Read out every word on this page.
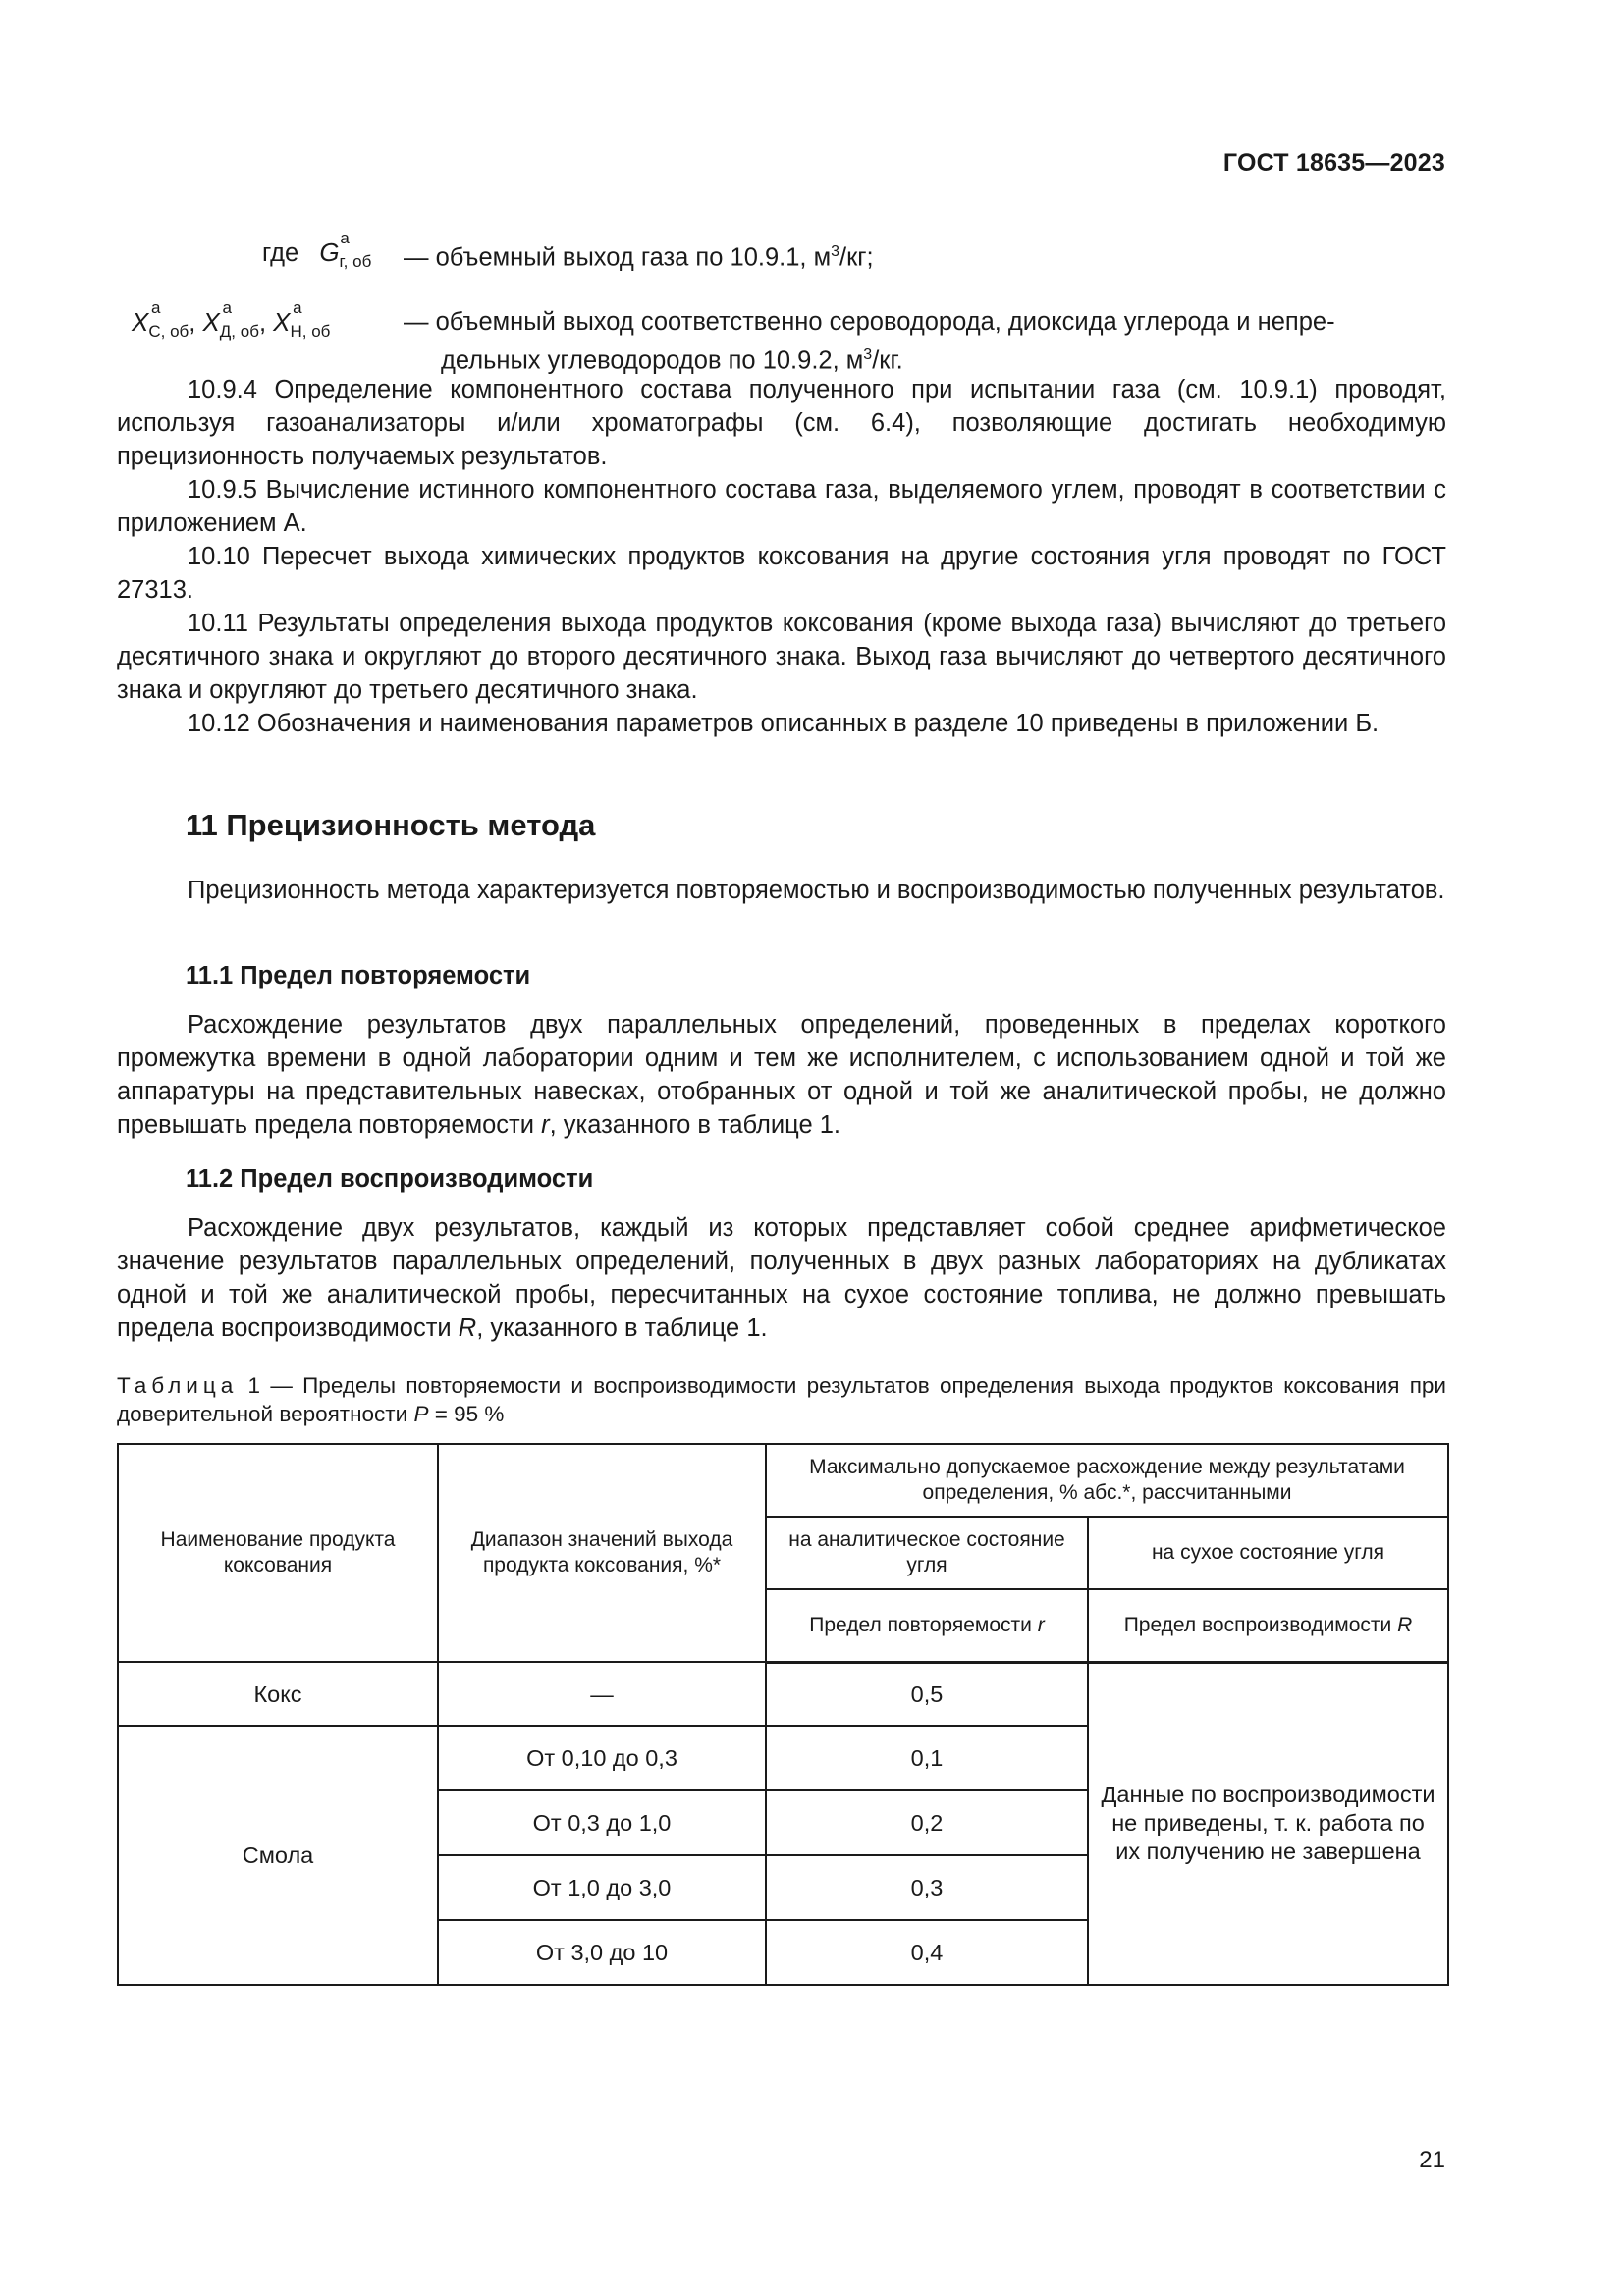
ГОСТ 18635—2023
где G a
г, об — объемный выход газа по 10.9.1, $м^3/кг$;
X a
С, об, X a
Д, об, X a
Н, об	— объемный выход соответственно сероводорода, диоксида углерода и непре-
дельных углеводородов по 10.9.2, $м^3/кг$.
10.9.4 Определение компонентного состава полученного при испытании газа (см. 10.9.1) проводят, используя газоанализаторы и/или хроматографы (см. 6.4), позволяющие достигать необходимую прецизионность получаемых результатов.
10.9.5 Вычисление истинного компонентного состава газа, выделяемого углем, проводят в соответствии с приложением А.
10.10 Пересчет выхода химических продуктов коксования на другие состояния угля проводят по ГОСТ 27313.
10.11 Результаты определения выхода продуктов коксования (кроме выхода газа) вычисляют до третьего десятичного знака и округляют до второго десятичного знака. Выход газа вычисляют до четвертого десятичного знака и округляют до третьего десятичного знака.
10.12 Обозначения и наименования параметров описанных в разделе 10 приведены в приложении Б.
11 Прецизионность метода
Прецизионность метода характеризуется повторяемостью и воспроизводимостью полученных результатов.
11.1 Предел повторяемости
Расхождение результатов двух параллельных определений, проведенных в пределах короткого промежутка времени в одной лаборатории одним и тем же исполнителем, с использованием одной и той же аппаратуры на представительных навесках, отобранных от одной и той же аналитической пробы, не должно превышать предела повторяемости r, указанного в таблице 1.
11.2 Предел воспроизводимости
Расхождение двух результатов, каждый из которых представляет собой среднее арифметическое значение результатов параллельных определений, полученных в двух разных лабораториях на дубликатах одной и той же аналитической пробы, пересчитанных на сухое состояние топлива, не должно превышать предела воспроизводимости R, указанного в таблице 1.
Таблица 1 — Пределы повторяемости и воспроизводимости результатов определения выхода продуктов коксования при доверительной вероятности P = 95 %
Наименование продукта коксования	Диапазон значений выхода продукта коксования, %*	Максимально допускаемое расхождение между результатами определения, % абс.*, рассчитанными	
		на аналитическое состояние угля	на сухое состояние угля
		Предел повторяемости r	Предел воспроизводимости R
Кокс	—	0,5	Данные по воспроизводимости не приведены, т. к. работа по их получению не завершена
Смола	От 0,10 до 0,3	0,1	
	От 0,3 до 1,0	0,2	
	От 1,0 до 3,0	0,3	
	От 3,0 до 10	0,4	
21
